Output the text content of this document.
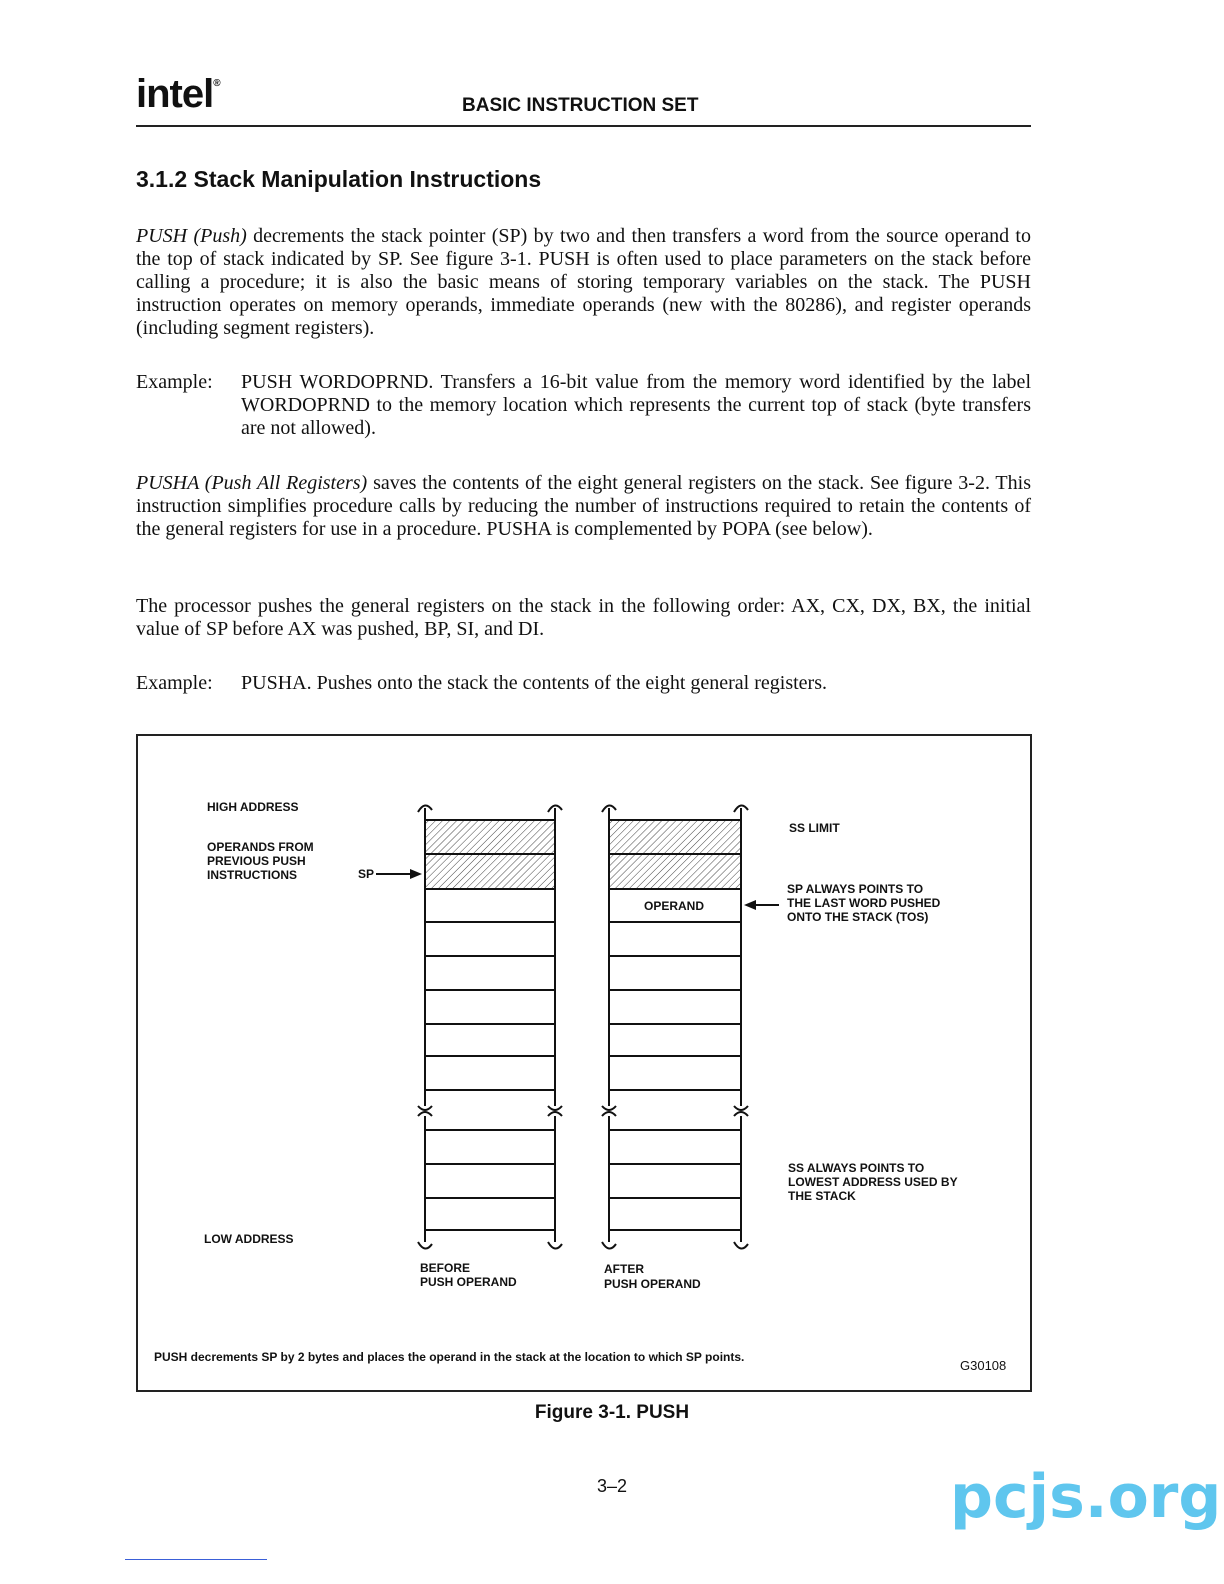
intel®
BASIC INSTRUCTION SET
3.1.2 Stack Manipulation Instructions
PUSH (Push) decrements the stack pointer (SP) by two and then transfers a word from the source operand to the top of stack indicated by SP. See figure 3-1. PUSH is often used to place parameters on the stack before calling a procedure; it is also the basic means of storing temporary variables on the stack. The PUSH instruction operates on memory operands, immediate operands (new with the 80286), and register operands (including segment registers).
Example: PUSH WORDOPRND. Transfers a 16-bit value from the memory word identified by the label WORDOPRND to the memory location which represents the current top of stack (byte transfers are not allowed).
PUSHA (Push All Registers) saves the contents of the eight general registers on the stack. See figure 3-2. This instruction simplifies procedure calls by reducing the number of instructions required to retain the contents of the general registers for use in a procedure. PUSHA is complemented by POPA (see below).
The processor pushes the general registers on the stack in the following order: AX, CX, DX, BX, the initial value of SP before AX was pushed, BP, SI, and DI.
Example: PUSHA. Pushes onto the stack the contents of the eight general registers.
HIGH ADDRESS
OPERANDS FROM
PREVIOUS PUSH
INSTRUCTIONS
LOW ADDRESS
SP
OPERAND
SS LIMIT
SP ALWAYS POINTS TO
THE LAST WORD PUSHED
ONTO THE STACK (TOS)
SS ALWAYS POINTS TO
LOWEST ADDRESS USED BY
THE STACK
BEFORE
PUSH OPERAND
AFTER
PUSH OPERAND
PUSH decrements SP by 2 bytes and places the operand in the stack at the location to which SP points.
G30108
Figure 3-1. PUSH
3–2	pcjs.org
